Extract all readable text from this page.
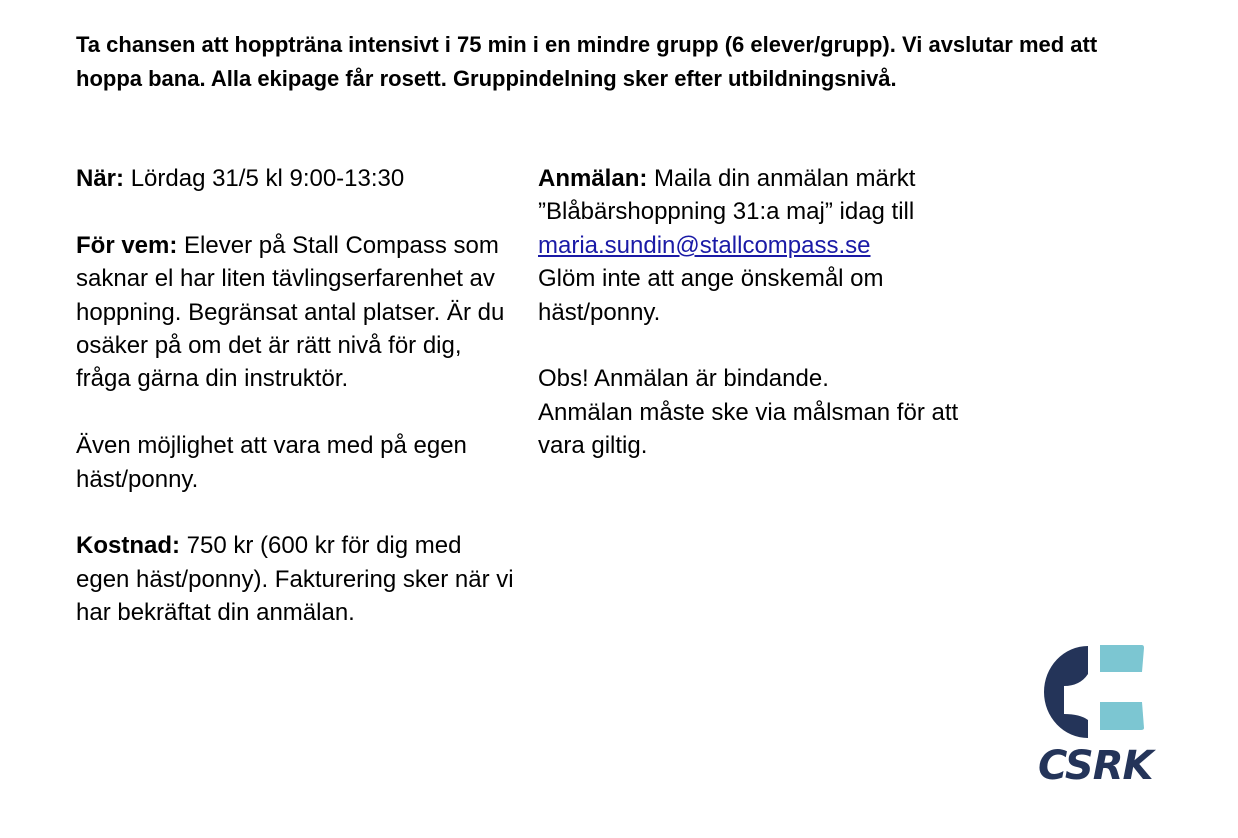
Ta chansen att hoppträna intensivt i 75 min i en mindre grupp (6 elever/grupp). Vi avslutar med att hoppa bana. Alla ekipage får rosett. Gruppindelning sker efter utbildningsnivå.

När: Lördag 31/5 kl 9:00-13:30

För vem: Elever på Stall Compass som saknar el har liten tävlingserfarenhet av hoppning. Begränsat antal platser. Är du osäker på om det är rätt nivå för dig, fråga gärna din instruktör.

Även möjlighet att vara med på egen häst/ponny.

Kostnad: 750 kr (600 kr för dig med egen häst/ponny). Fakturering sker när vi har bekräftat din anmälan.

Anmälan: Maila din anmälan märkt ”Blåbärshoppning 31:a maj” idag till
maria.sundin@stallcompass.se
Glöm inte att ange önskemål om häst/ponny.

Obs! Anmälan är bindande.
Anmälan måste ske via målsman för att vara giltig.

CSRK
